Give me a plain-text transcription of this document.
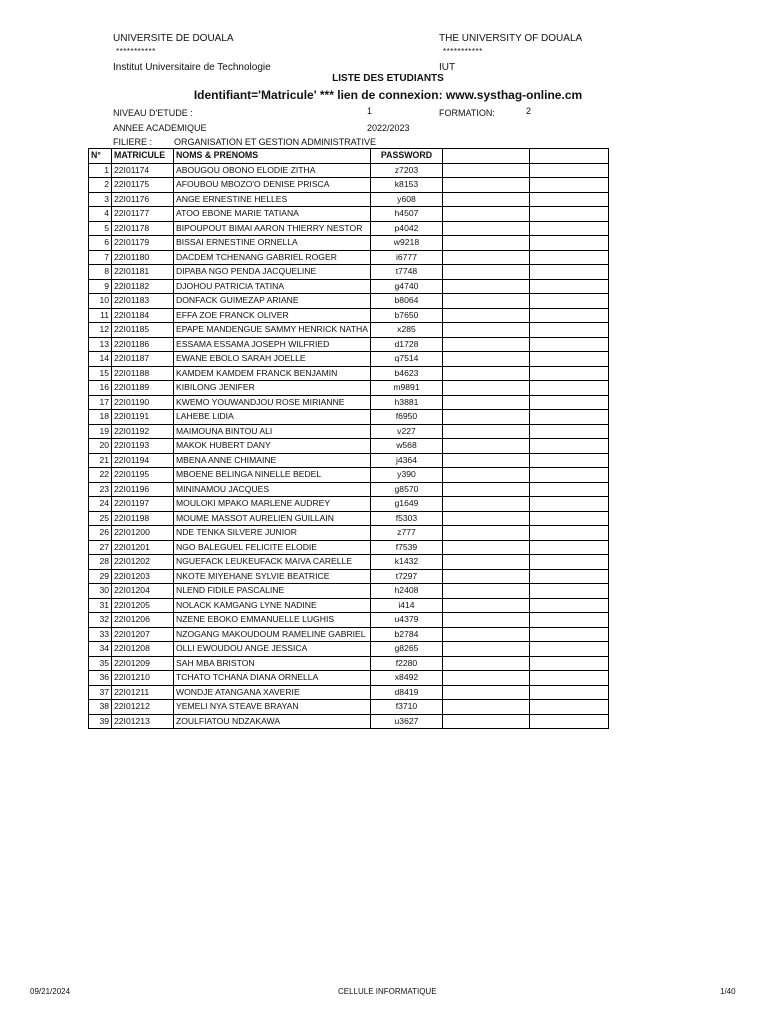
UNIVERSITE DE DOUALA	THE UNIVERSITY OF DOUALA
***********	***********
Institut Universitaire de Technologie	IUT
LISTE DES ETUDIANTS
Identifiant='Matricule' *** lien de connexion: www.systhag-online.cm
NIVEAU D'ETUDE :	1	FORMATION:	2
ANNEE ACADEMIQUE	2022/2023
FILIERE : ORGANISATION ET GESTION ADMINISTRATIVE
N°	MATRICULE	NOMS & PRENOMS	PASSWORD		
1	22I01174	ABOUGOU OBONO ELODIE ZITHA	z7203		
2	22I01175	AFOUBOU MBOZO'O DENISE PRISCA	k8153		
3	22I01176	ANGE ERNESTINE HELLES	y608		
4	22I01177	ATOO EBONE MARIE TATIANA	h4507		
5	22I01178	BIPOUPOUT BIMAI AARON THIERRY NESTOR	p4042		
6	22I01179	BISSAI ERNESTINE ORNELLA	w9218		
7	22I01180	DACDEM TCHENANG GABRIEL ROGER	i6777		
8	22I01181	DIPABA NGO PENDA JACQUELINE	t7748		
9	22I01182	DJOHOU PATRICIA TATINA	g4740		
10	22I01183	DONFACK GUIMEZAP ARIANE	b8064		
11	22I01184	EFFA ZOE FRANCK OLIVER	b7650		
12	22I01185	EPAPE MANDENGUE SAMMY HENRICK NATHA	x285		
13	22I01186	ESSAMA ESSAMA JOSEPH WILFRIED	d1728		
14	22I01187	EWANE EBOLO SARAH JOELLE	q7514		
15	22I01188	KAMDEM KAMDEM FRANCK BENJAMIN	b4623		
16	22I01189	KIBILONG JENIFER	m9891		
17	22I01190	KWEMO YOUWANDJOU ROSE MIRIANNE	h3881		
18	22I01191	LAHEBE LIDIA	f6950		
19	22I01192	MAIMOUNA BINTOU ALI	v227		
20	22I01193	MAKOK HUBERT DANY	w568		
21	22I01194	MBENA ANNE CHIMAINE	j4364		
22	22I01195	MBOENE BELINGA NINELLE BEDEL	y390		
23	22I01196	MININAMOU JACQUES	g8570		
24	22I01197	MOULOKI MPAKO MARLENE AUDREY	g1649		
25	22I01198	MOUME MASSOT AURELIEN GUILLAIN	f5303		
26	22I01200	NDE TENKA SILVERE JUNIOR	z777		
27	22I01201	NGO BALEGUEL FELICITE ELODIE	f7539		
28	22I01202	NGUEFACK LEUKEUFACK MAIVA CARELLE	k1432		
29	22I01203	NKOTE MIYEHANE SYLVIE BEATRICE	t7297		
30	22I01204	NLEND FIDILE PASCALINE	h2408		
31	22I01205	NOLACK KAMGANG LYNE NADINE	i414		
32	22I01206	NZENE EBOKO EMMANUELLE LUGHIS	u4379		
33	22I01207	NZOGANG MAKOUDOUM RAMELINE GABRIEL	b2784		
34	22I01208	OLLI EWOUDOU ANGE JESSICA	g8265		
35	22I01209	SAH MBA BRISTON	f2280		
36	22I01210	TCHATO TCHANA DIANA ORNELLA	x8492		
37	22I01211	WONDJE ATANGANA XAVERIE	d8419		
38	22I01212	YEMELI NYA STEAVE BRAYAN	f3710		
39	22I01213	ZOULFIATOU NDZAKAWA	u3627		
09/21/2024	CELLULE INFORMATIQUE	1/40
